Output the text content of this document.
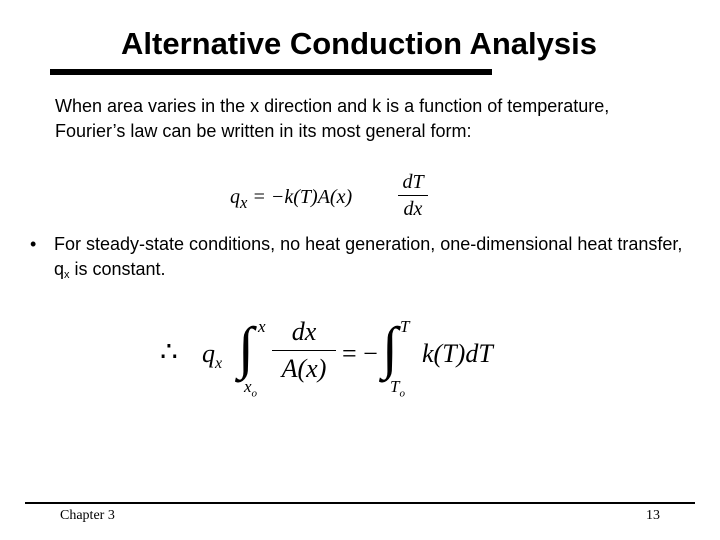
Alternative Conduction Analysis
When area varies in the x direction and k is a function of temperature,
Fourier’s law can be written in its most general form:
$q_x = -k(T)A(x)$
dT
dx
• For steady-state conditions, no heat generation, one-dimensional heat transfer, qx is constant.
∴ $q_x$ ∫ x
$x_o$
dx
A(x)
= − ∫ T
$T_o$
k(T)dT
Chapter 3	13
